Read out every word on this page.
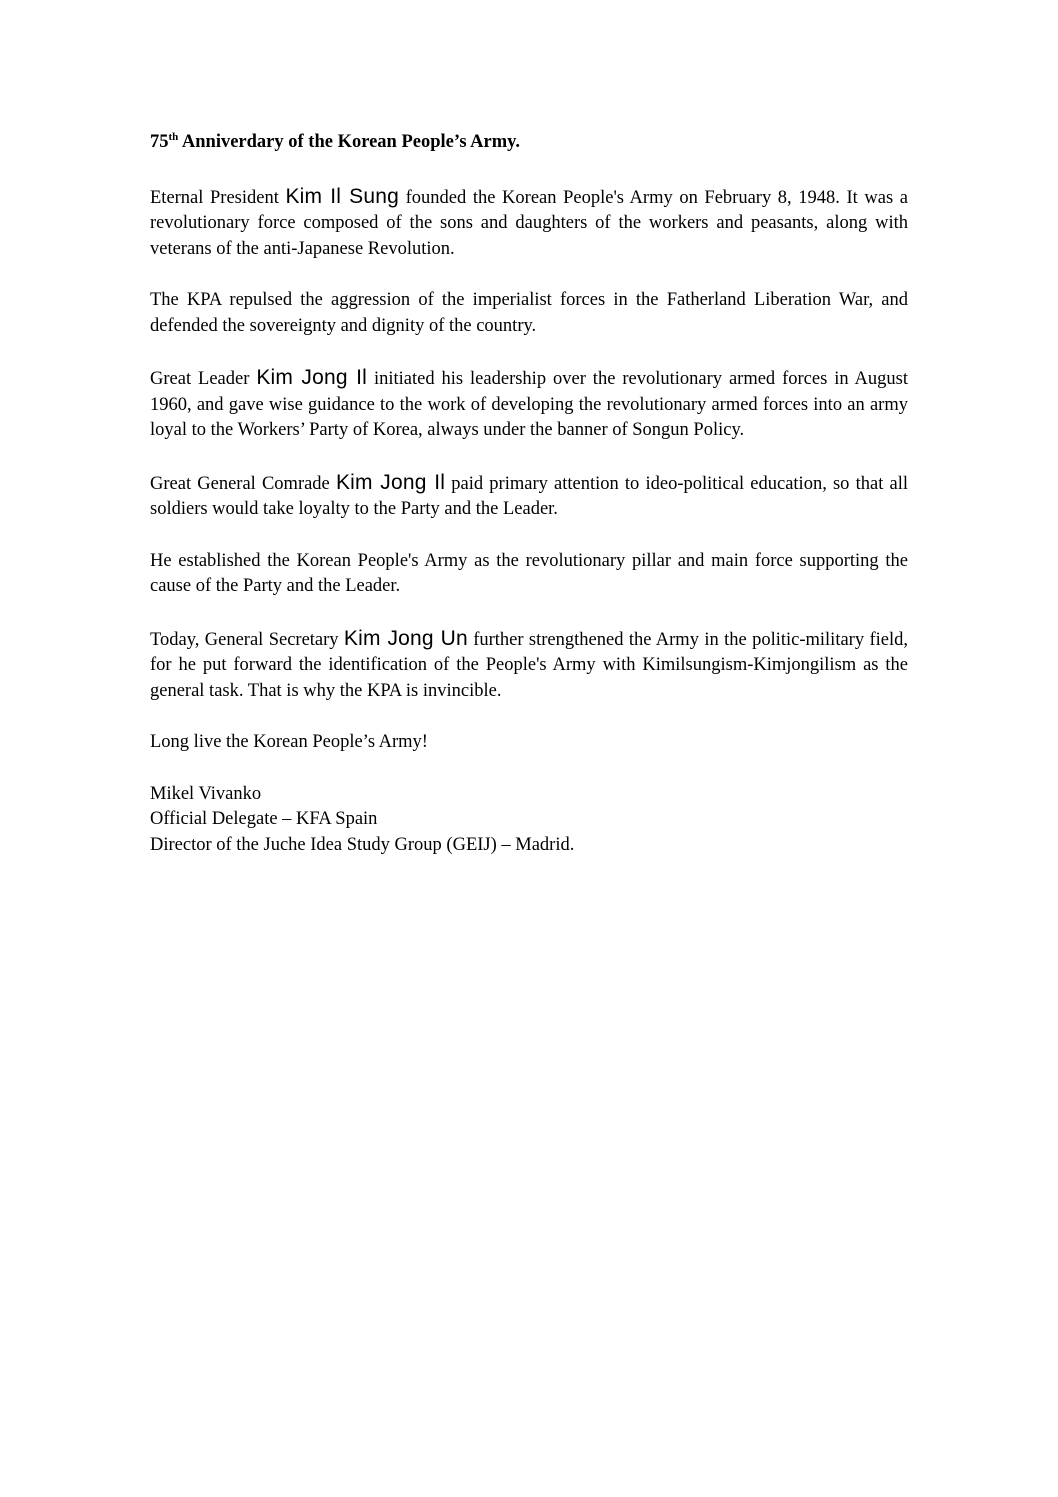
75th Anniverdary of the Korean People’s Army.

Eternal President Kim Il Sung founded the Korean People's Army on February 8, 1948. It was a revolutionary force composed of the sons and daughters of the workers and peasants, along with veterans of the anti-Japanese Revolution.

The KPA repulsed the aggression of the imperialist forces in the Fatherland Liberation War, and defended the sovereignty and dignity of the country.

Great Leader Kim Jong Il initiated his leadership over the revolutionary armed forces in August 1960, and gave wise guidance to the work of developing the revolutionary armed forces into an army loyal to the Workers’ Party of Korea, always under the banner of Songun Policy.

Great General Comrade Kim Jong Il paid primary attention to ideo-political education, so that all soldiers would take loyalty to the Party and the Leader.

He established the Korean People's Army as the revolutionary pillar and main force supporting the cause of the Party and the Leader.

Today, General Secretary Kim Jong Un further strengthened the Army in the politic-military field, for he put forward the identification of the People's Army with Kimilsungism-Kimjongilism as the general task. That is why the KPA is invincible.

Long live the Korean People’s Army!

Mikel Vivanko

Official Delegate – KFA Spain

Director of the Juche Idea Study Group (GEIJ) – Madrid.
